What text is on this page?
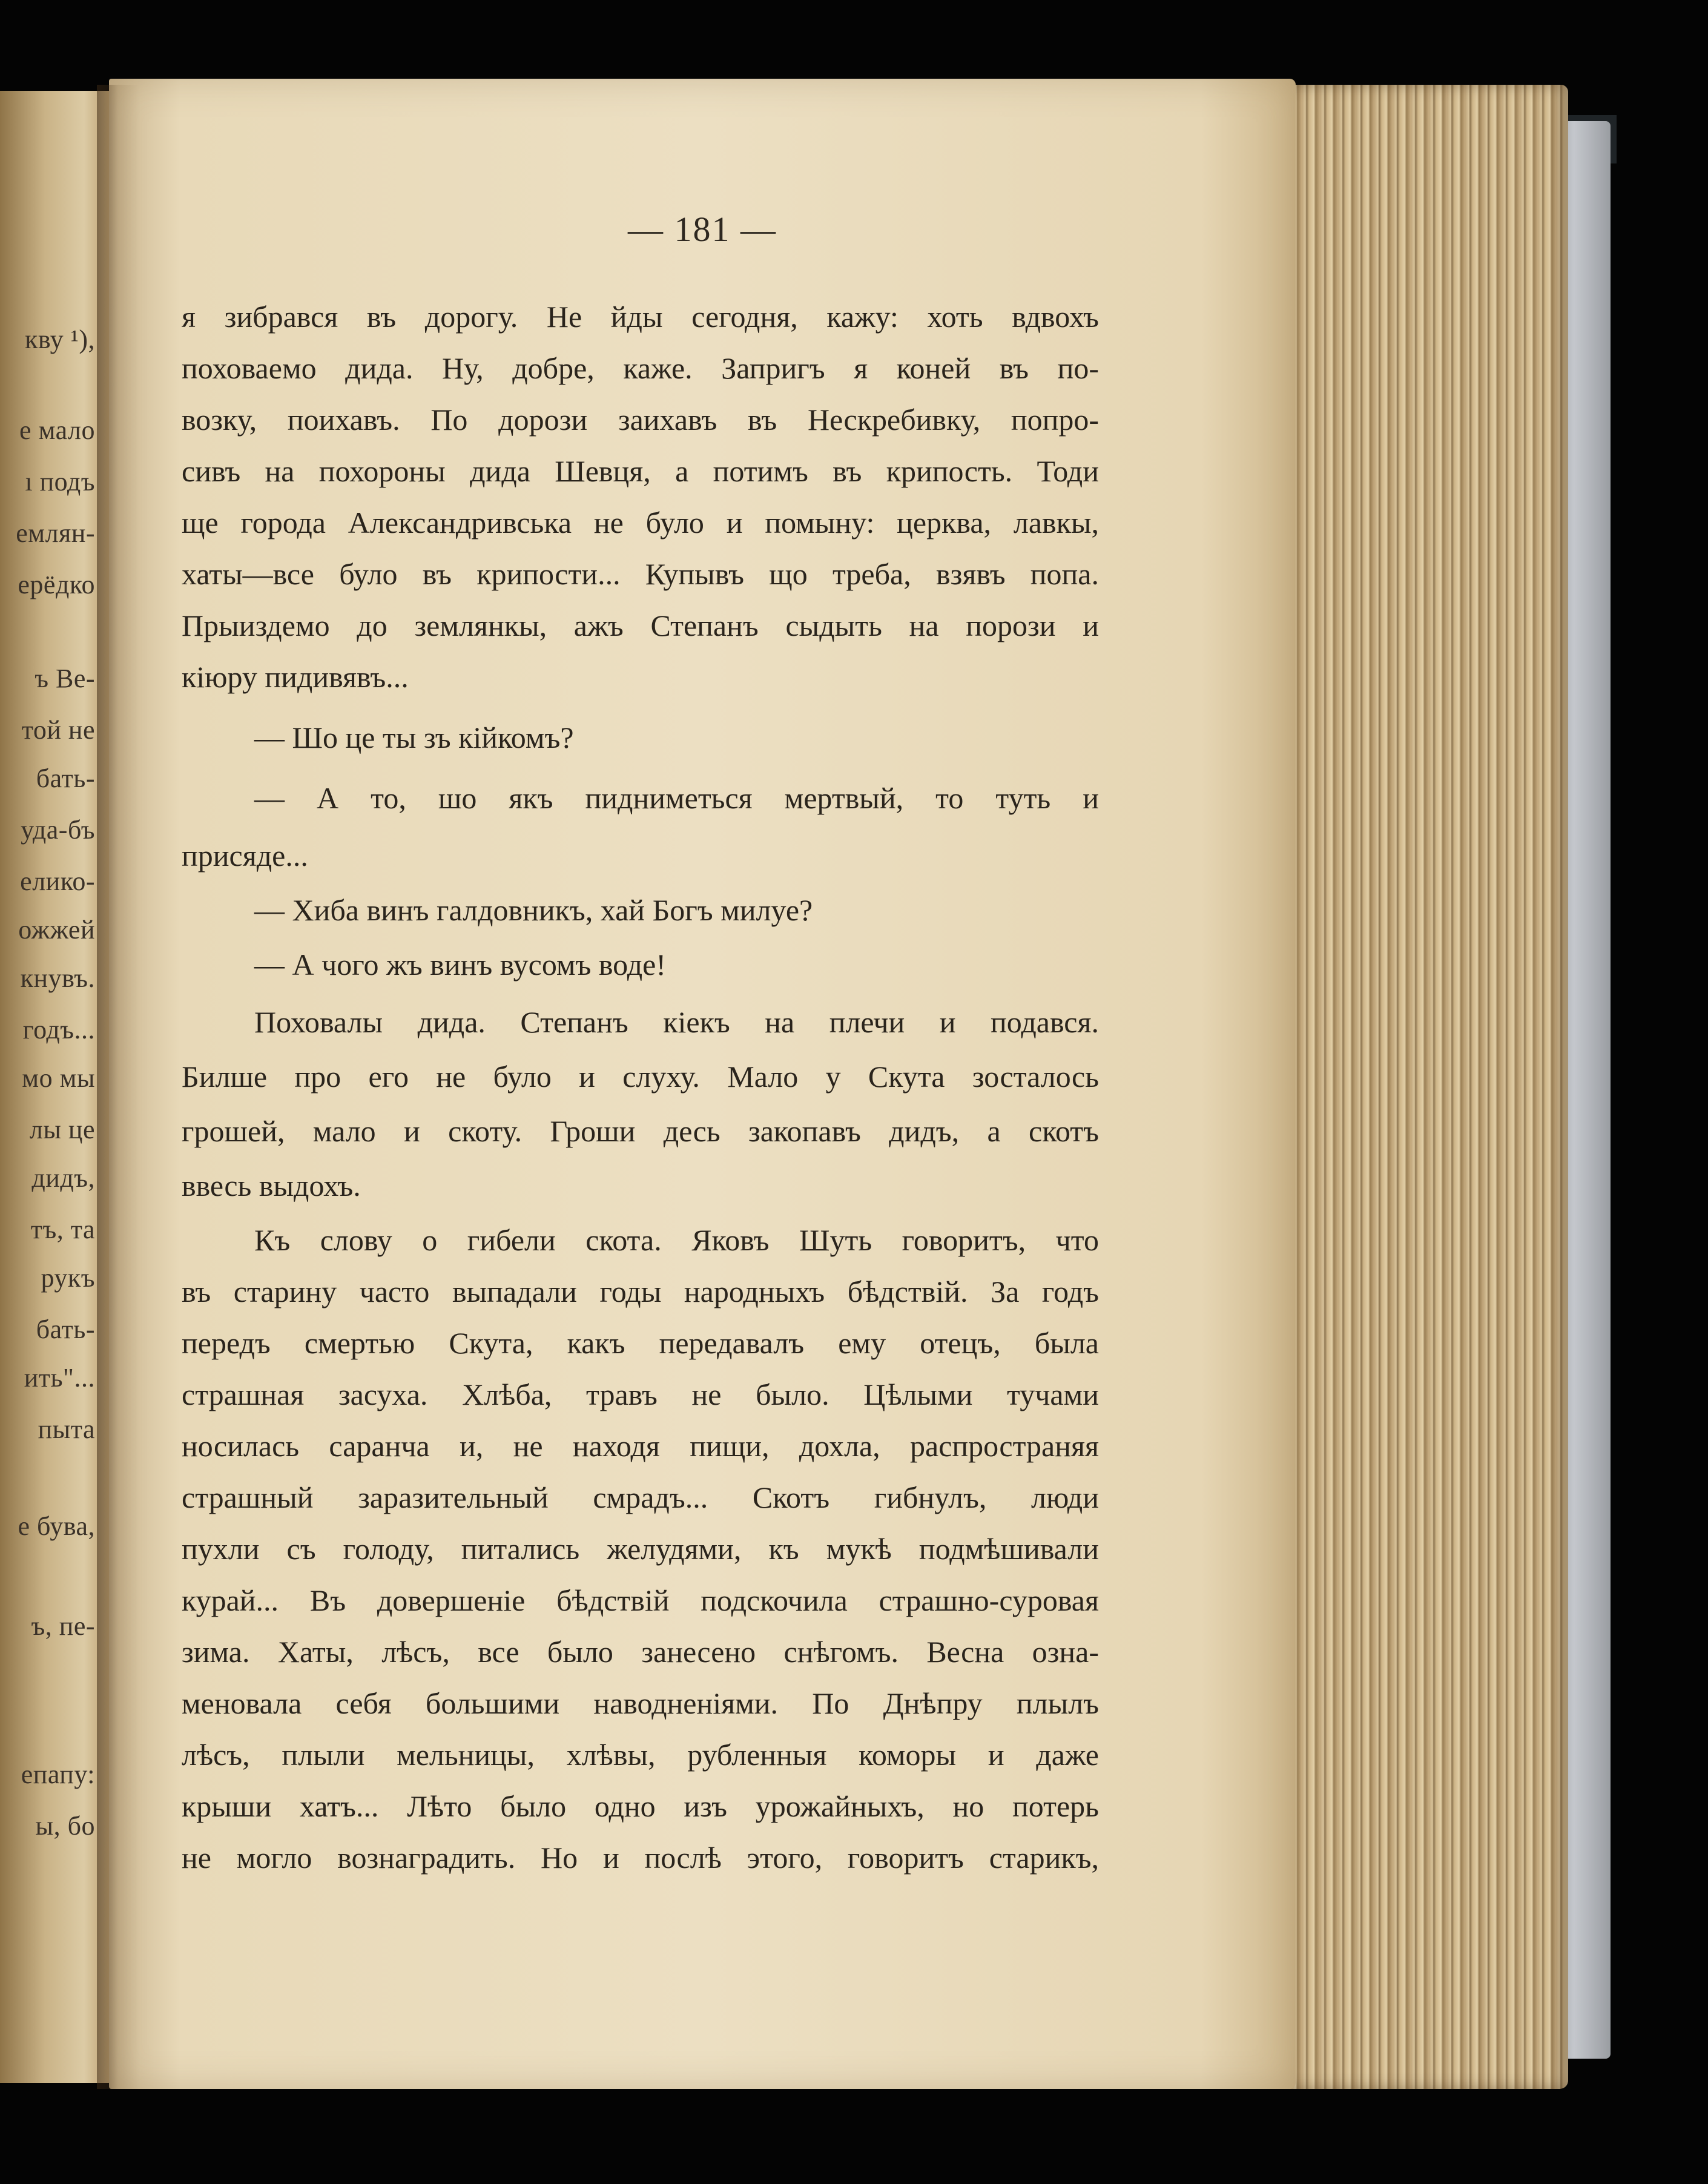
кву ¹),
е мало
ı подъ
емлян-
ерёдко
ъ Be-
той не
бать-
уда-бъ
елико-
ожжей
кнувъ.
годъ...
мо мы
лы це
дидъ,
тъ, та
рукъ
бать-
ить"...
пыта
е бува,
ъ, пе-
епапу:
ы, бо
— 181 —
я зибрався въ дорогу. Не йды сегодня, кажу: хоть вдвохъ
поховаемо дида. Ну, добре, каже. Запригъ я коней въ по-
возку, поихавъ. По дорози заихавъ въ Нескребивку, попро-
сивъ на похороны дида Шевця, а потимъ въ крипость. Тоди
ще города Александривська не було и помыну: церква, лавкы,
хаты—все було въ крипости... Купывъ що треба, взявъ попа.
Прыиздемо до землянкы, ажъ Степанъ сыдыть на порози и
кіюру пидивявъ...
— Шо це ты зъ кійкомъ?
— А то, шо якъ пидниметься мертвый, то туть и
присяде...
— Хиба винъ галдовникъ, хай Богъ милуе?
— А чого жъ винъ вусомъ воде!
Поховалы дида. Степанъ кіекъ на плечи и подався.
Билше про его не було и слуху. Мало у Скута зосталось
грошей, мало и скоту. Гроши десь закопавъ дидъ, а скотъ
ввесь выдохъ.
Къ слову о гибели скота. Яковъ Шуть говоритъ, что
въ старину часто выпадали годы народныхъ бѣдствій. За годъ
передъ смертью Скута, какъ передавалъ ему отецъ, была
страшная засуха. Хлѣба, травъ не было. Цѣлыми тучами
носилась саранча и, не находя пищи, дохла, распространяя
страшный заразительный смрадъ... Скотъ гибнулъ, люди
пухли съ голоду, питались желудями, къ мукѣ подмѣшивали
курай... Въ довершеніе бѣдствій подскочила страшно-суровая
зима. Хаты, лѣсъ, все было занесено снѣгомъ. Весна озна-
меновала себя большими наводненіями. По Днѣпру плылъ
лѣсъ, плыли мельницы, хлѣвы, рубленныя коморы и даже
крыши хатъ... Лѣто было одно изъ урожайныхъ, но потерь
не могло вознаградить. Но и послѣ этого, говоритъ старикъ,
